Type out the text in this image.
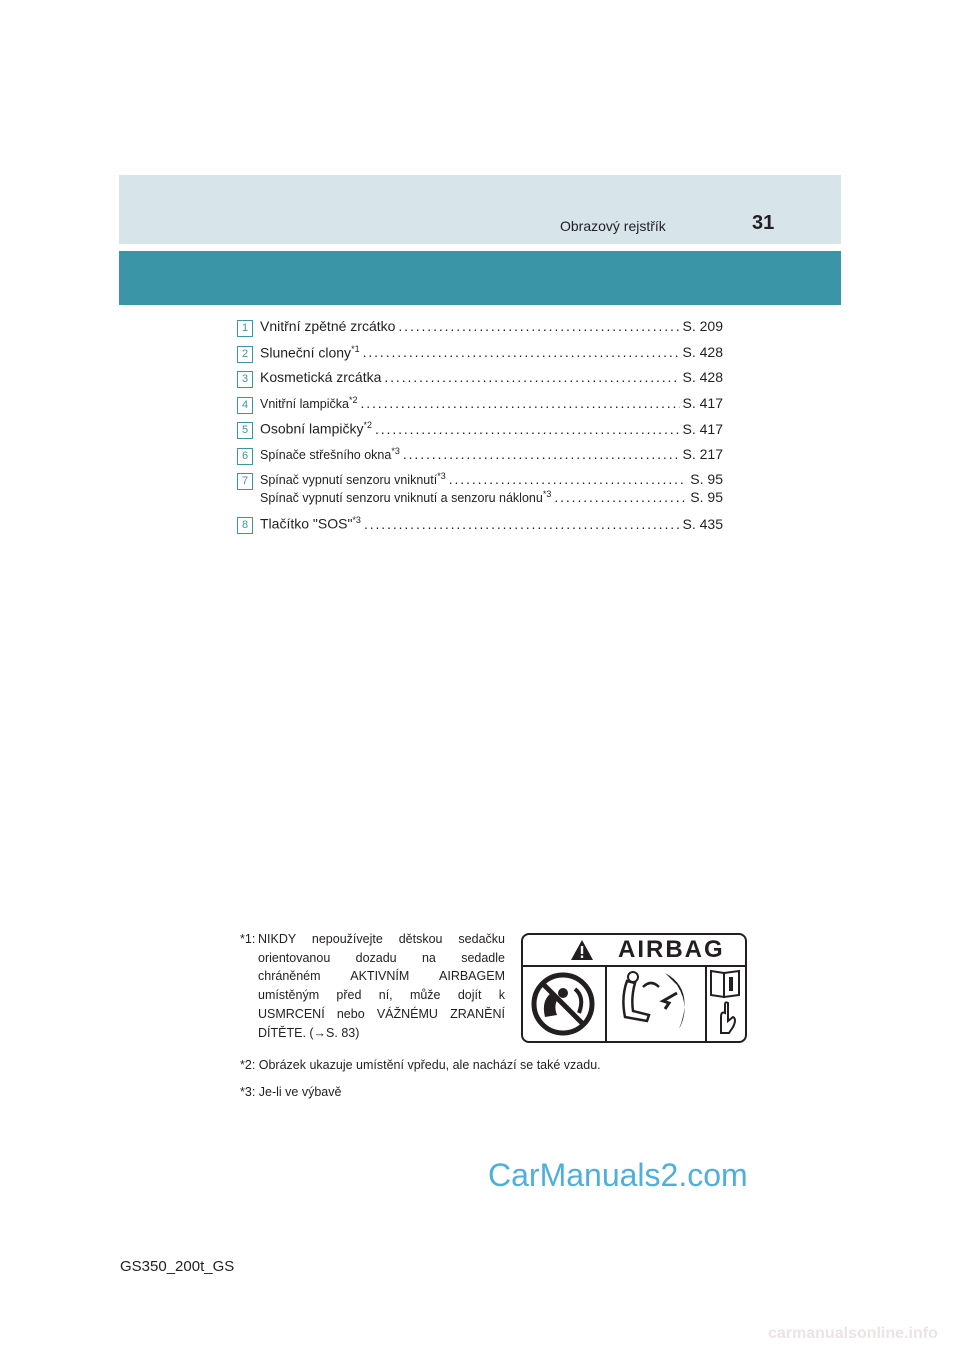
Obrazový rejstřík	31
1 Vnitřní zpětné zrcátko . . .	S. 209
2 Sluneční clony$^{*1}$ . . .	S. 428
3 Kosmetická zrcátka . . .	S. 428
4 Vnitřní lampička$^{*2}$ . . .	S. 417
5 Osobní lampičky$^{*2}$ . . .	S. 417
6 Spínače střešního okna$^{*3}$ . . .	S. 217
7 Spínač vypnutí senzoru vniknutí$^{*3}$ . . .	S. 95
Spínač vypnutí senzoru vniknutí a senzoru náklonu$^{*3}$ . . .	S. 95
8 Tlačítko "SOS"$^{*3}$ . . .	S. 435
*1: NIKDY nepoužívejte dětskou sedačku orientovanou dozadu na sedadle chráněném AKTIVNÍM AIRBAGEM umístěným před ní, může dojít k USMRCENÍ nebo VÁŽNÉMU ZRANĚNÍ DÍTĚTE. (→S. 83)
AIRBAG
*2: Obrázek ukazuje umístění vpředu, ale nachází se také vzadu.
*3: Je-li ve výbavě
CarManuals2.com
GS350_200t_GS
carmanualsonline.info
